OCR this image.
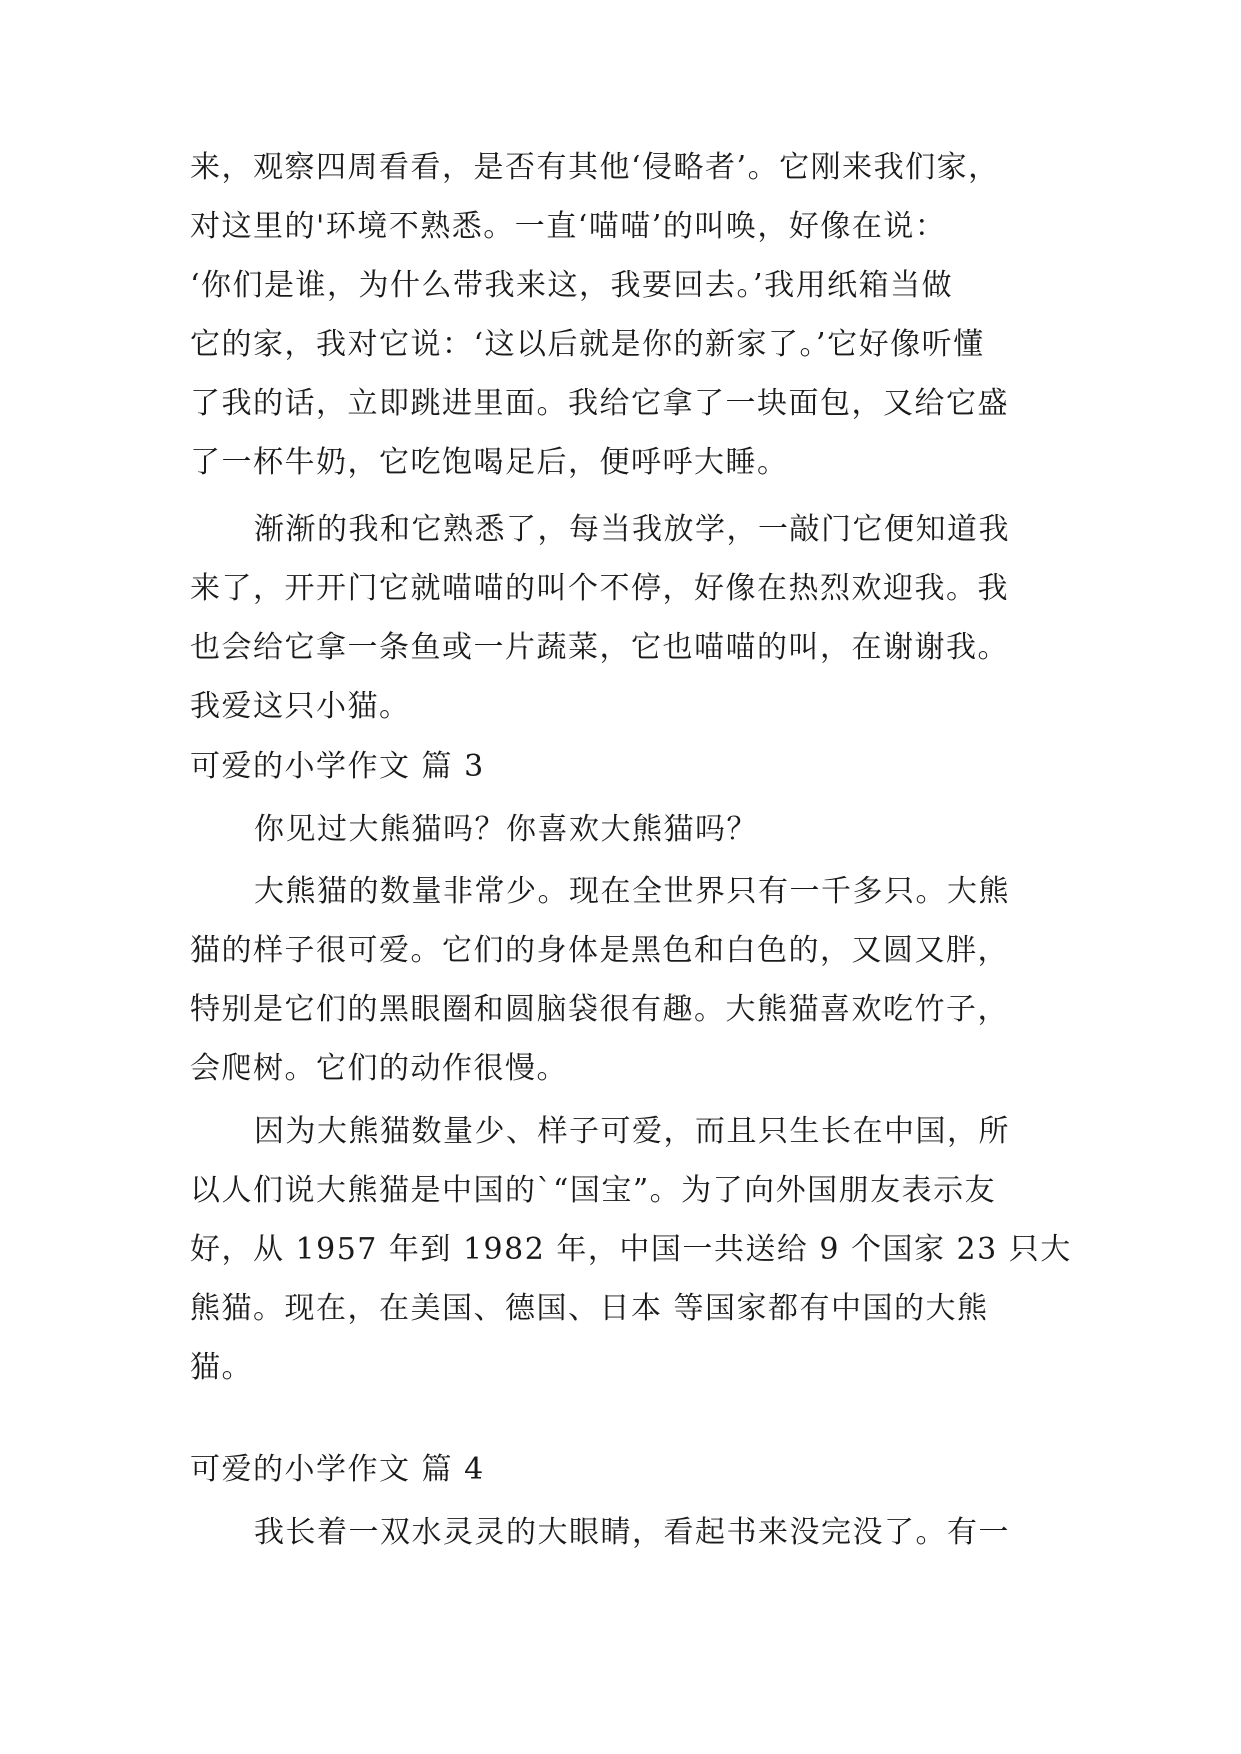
来，观察四周看看，是否有其他‘侵略者’。它刚来我们家，
对这里的'环境不熟悉。一直‘喵喵’的叫唤，好像在说：
‘你们是谁，为什么带我来这，我要回去。’我用纸箱当做
它的家，我对它说：‘这以后就是你的新家了。’它好像听懂
了我的话，立即跳进里面。我给它拿了一块面包，又给它盛
了一杯牛奶，它吃饱喝足后，便呼呼大睡。
渐渐的我和它熟悉了，每当我放学，一敲门它便知道我
来了，开开门它就喵喵的叫个不停，好像在热烈欢迎我。我
也会给它拿一条鱼或一片蔬菜，它也喵喵的叫，在谢谢我。
我爱这只小猫。
可爱的小学作文 篇 3
你见过大熊猫吗？你喜欢大熊猫吗？
大熊猫的数量非常少。现在全世界只有一千多只。大熊
猫的样子很可爱。它们的身体是黑色和白色的，又圆又胖，
特别是它们的黑眼圈和圆脑袋很有趣。大熊猫喜欢吃竹子，
会爬树。它们的动作很慢。
因为大熊猫数量少、样子可爱，而且只生长在中国，所
以人们说大熊猫是中国的`“国宝”。为了向外国朋友表示友
好，从 1957 年到 1982 年，中国一共送给 9 个国家 23 只大
熊猫。现在，在美国、德国、日本 等国家都有中国的大熊
猫。
可爱的小学作文 篇 4
我长着一双水灵灵的大眼睛，看起书来没完没了。有一
